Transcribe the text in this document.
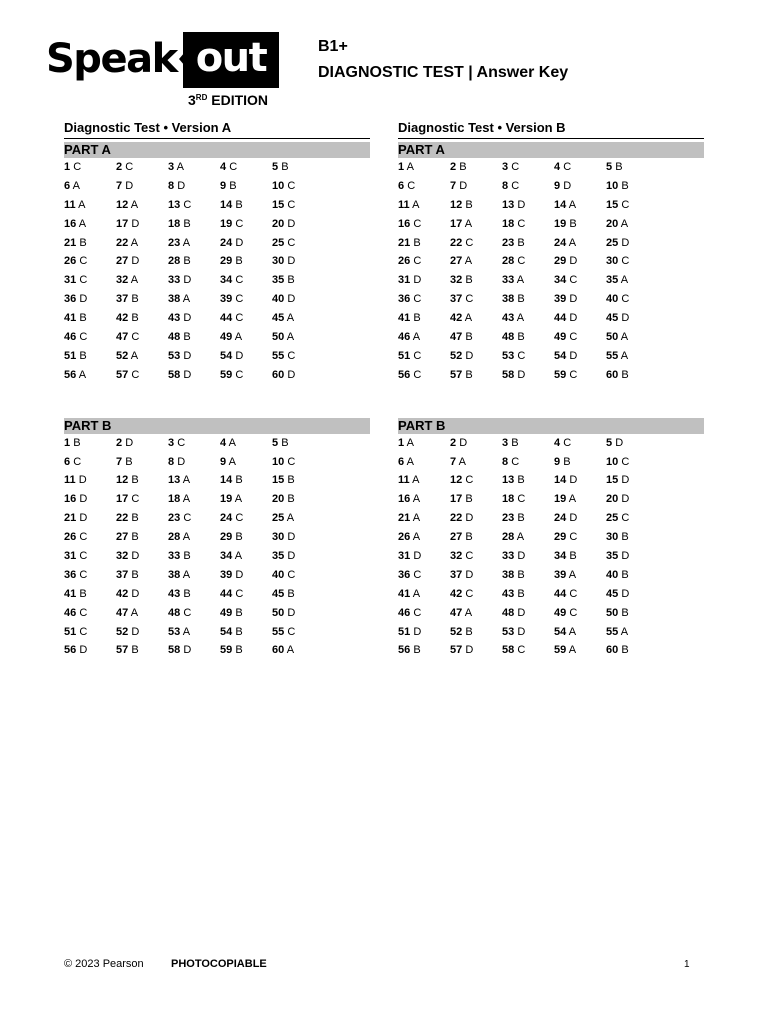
Speak out
3RD EDITION
B1+
DIAGNOSTIC TEST | Answer Key
Diagnostic Test • Version A
PART A
1 C	2 C	3 A	4 C	5 B
6 A	7 D	8 D	9 B	10 C
11 A	12 A	13 C	14 B	15 C
16 A	17 D	18 B	19 C	20 D
21 B	22 A	23 A	24 D	25 C
26 C	27 D	28 B	29 B	30 D
31 C	32 A	33 D	34 C	35 B
36 D	37 B	38 A	39 C	40 D
41 B	42 B	43 D	44 C	45 A
46 C	47 C	48 B	49 A	50 A
51 B	52 A	53 D	54 D	55 C
56 A	57 C	58 D	59 C	60 D
PART B
1 B	2 D	3 C	4 A	5 B
6 C	7 B	8 D	9 A	10 C
11 D	12 B	13 A	14 B	15 B
16 D	17 C	18 A	19 A	20 B
21 D	22 B	23 C	24 C	25 A
26 C	27 B	28 A	29 B	30 D
31 C	32 D	33 B	34 A	35 D
36 C	37 B	38 A	39 D	40 C
41 B	42 D	43 B	44 C	45 B
46 C	47 A	48 C	49 B	50 D
51 C	52 D	53 A	54 B	55 C
56 D	57 B	58 D	59 B	60 A
Diagnostic Test • Version B
PART A
1 A	2 B	3 C	4 C	5 B
6 C	7 D	8 C	9 D	10 B
11 A	12 B	13 D	14 A	15 C
16 C	17 A	18 C	19 B	20 A
21 B	22 C	23 B	24 A	25 D
26 C	27 A	28 C	29 D	30 C
31 D	32 B	33 A	34 C	35 A
36 C	37 C	38 B	39 D	40 C
41 B	42 A	43 A	44 D	45 D
46 A	47 B	48 B	49 C	50 A
51 C	52 D	53 C	54 D	55 A
56 C	57 B	58 D	59 C	60 B
PART B
1 A	2 D	3 B	4 C	5 D
6 A	7 A	8 C	9 B	10 C
11 A	12 C	13 B	14 D	15 D
16 A	17 B	18 C	19 A	20 D
21 A	22 D	23 B	24 D	25 C
26 A	27 B	28 A	29 C	30 B
31 D	32 C	33 D	34 B	35 D
36 C	37 D	38 B	39 A	40 B
41 A	42 C	43 B	44 C	45 D
46 C	47 A	48 D	49 C	50 B
51 D	52 B	53 D	54 A	55 A
56 B	57 D	58 C	59 A	60 B
© 2023 Pearson PHOTOCOPIABLE	1
